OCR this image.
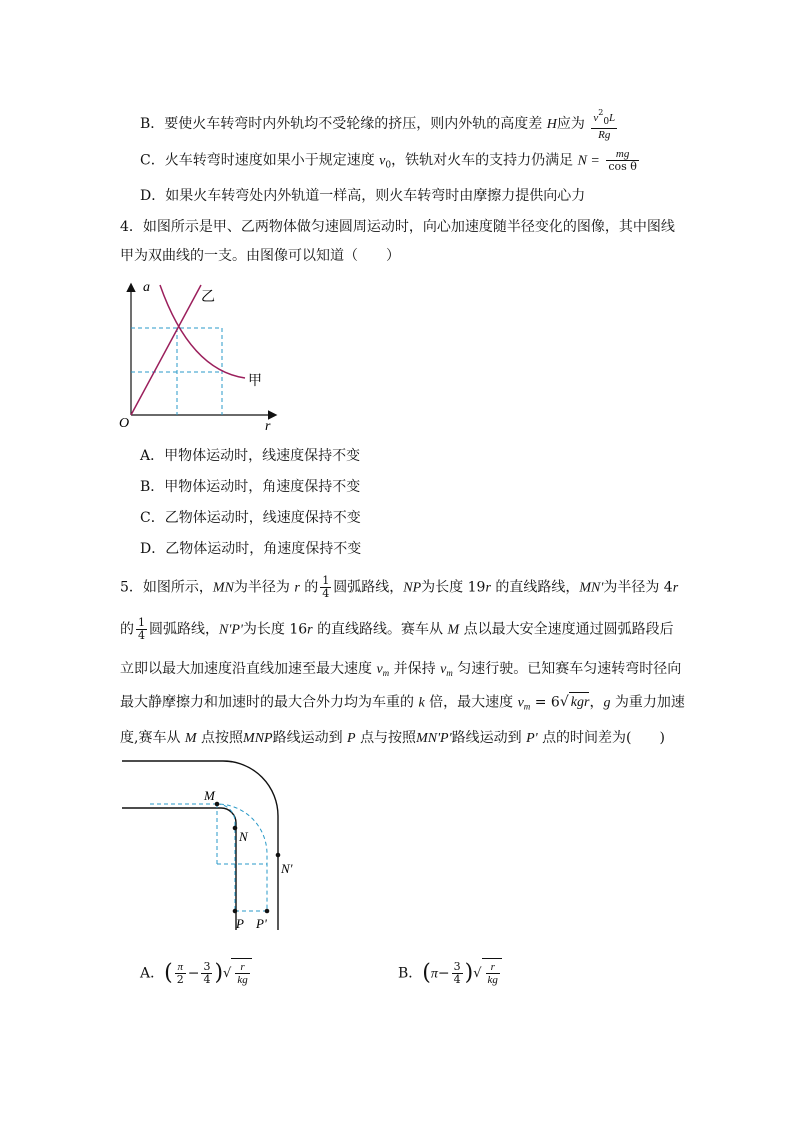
B．要使火车转弯时内外轨均不受轮缘的挤压，则内外轨的高度差 H应为 $\frac{v^2_0L}{Rg}$
C．火车转弯时速度如果小于规定速度 $v_0$，铁轨对火车的支持力仍满足 $N = \frac{mg}{\text{cos θ}}$
D．如果火车转弯处内外轨道一样高，则火车转弯时由摩擦力提供向心力
4．如图所示是甲、乙两物体做匀速圆周运动时，向心加速度随半径变化的图像，其中图线
甲为双曲线的一支。由图像可以知道（　　）
a
r
O
乙
甲
A．甲物体运动时，线速度保持不变
B．甲物体运动时，角速度保持不变
C．乙物体运动时，线速度保持不变
D．乙物体运动时，角速度保持不变
5．如图所示，MN为半径为 r 的 $\frac{1}{4}$ 圆弧路线，NP为长度 19r 的直线路线，MN'为半径为 4r
的 $\frac{1}{4}$ 圆弧路线，N'P'为长度 16r 的直线路线。赛车从 M 点以最大安全速度通过圆弧路段后
立即以最大加速度沿直线加速至最大速度 $v_m$ 并保持 $v_m$ 匀速行驶。已知赛车匀速转弯时径向
最大静摩擦力和加速时的最大合外力均为车重的 k 倍，最大速度 $v_m = 6√$ kgr，g 为重力加速
度,赛车从 M 点按照MNP路线运动到 P 点与按照MN'P'路线运动到 P' 点的时间差为(　　)
M
N
N'
P P'
A．( $\frac{\pi}{2} - \frac{3}{4}$ )√ $\frac{r}{kg}$	B．($\pi- \frac{3}{4}$ )√ $\frac{r}{kg}$
